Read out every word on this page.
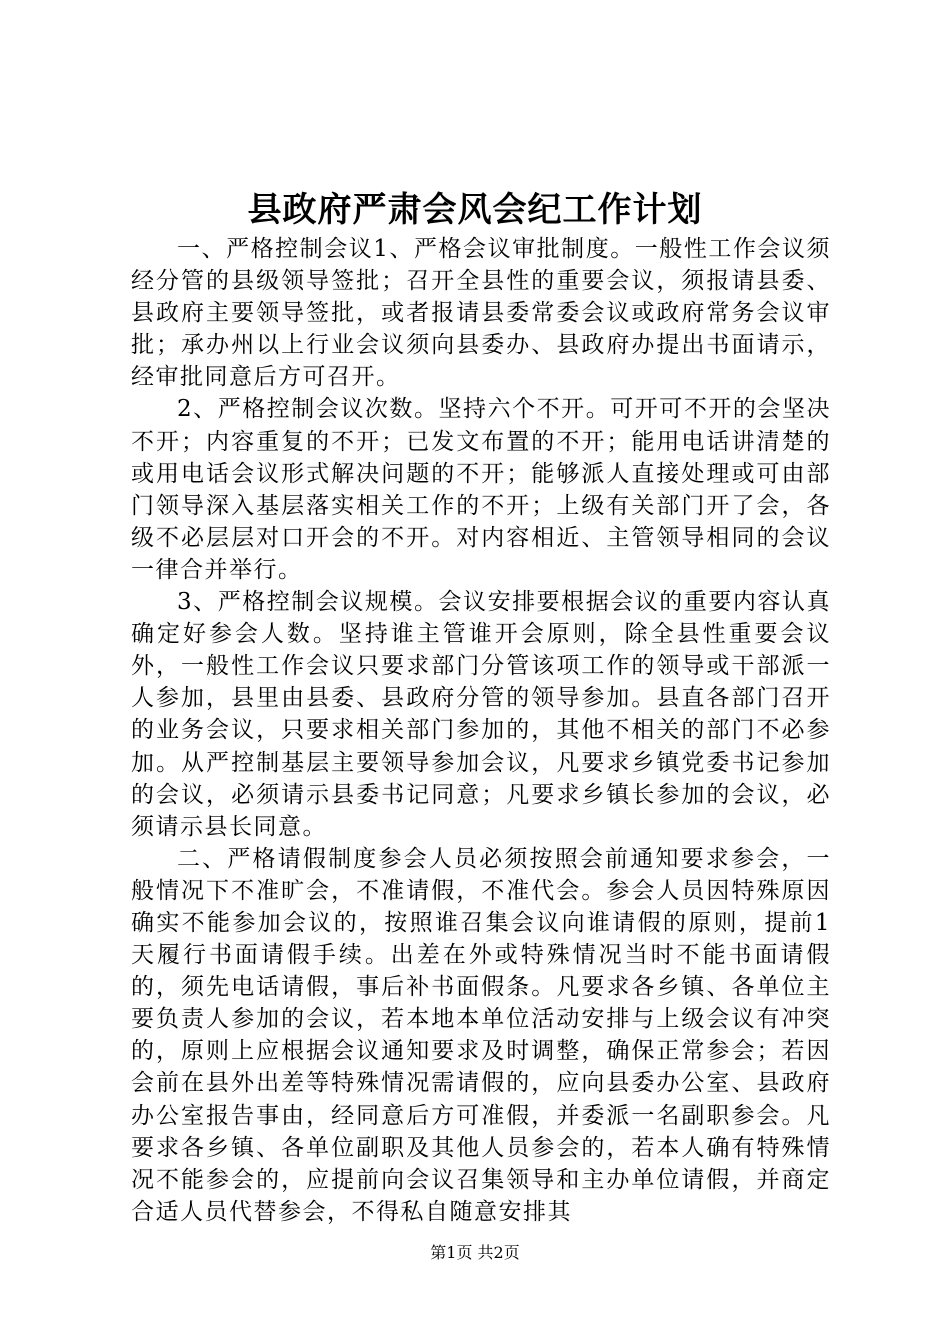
县政府严肃会风会纪工作计划

一、严格控制会议1、严格会议审批制度。一般性工作会议须经分管的县级领导签批；召开全县性的重要会议，须报请县委、县政府主要领导签批，或者报请县委常委会议或政府常务会议审批；承办州以上行业会议须向县委办、县政府办提出书面请示，经审批同意后方可召开。

2、严格控制会议次数。坚持六个不开。可开可不开的会坚决不开；内容重复的不开；已发文布置的不开；能用电话讲清楚的或用电话会议形式解决问题的不开；能够派人直接处理或可由部门领导深入基层落实相关工作的不开；上级有关部门开了会，各级不必层层对口开会的不开。对内容相近、主管领导相同的会议一律合并举行。

3、严格控制会议规模。会议安排要根据会议的重要内容认真确定好参会人数。坚持谁主管谁开会原则，除全县性重要会议外，一般性工作会议只要求部门分管该项工作的领导或干部派一人参加，县里由县委、县政府分管的领导参加。县直各部门召开的业务会议，只要求相关部门参加的，其他不相关的部门不必参加。从严控制基层主要领导参加会议，凡要求乡镇党委书记参加的会议，必须请示县委书记同意；凡要求乡镇长参加的会议，必须请示县长同意。

二、严格请假制度参会人员必须按照会前通知要求参会，一般情况下不准旷会，不准请假，不准代会。参会人员因特殊原因确实不能参加会议的，按照谁召集会议向谁请假的原则，提前1天履行书面请假手续。出差在外或特殊情况当时不能书面请假的，须先电话请假，事后补书面假条。凡要求各乡镇、各单位主要负责人参加的会议，若本地本单位活动安排与上级会议有冲突的，原则上应根据会议通知要求及时调整，确保正常参会；若因会前在县外出差等特殊情况需请假的，应向县委办公室、县政府办公室报告事由，经同意后方可准假，并委派一名副职参会。凡要求各乡镇、各单位副职及其他人员参会的，若本人确有特殊情况不能参会的，应提前向会议召集领导和主办单位请假，并商定合适人员代替参会，不得私自随意安排其

第1页 共2页
